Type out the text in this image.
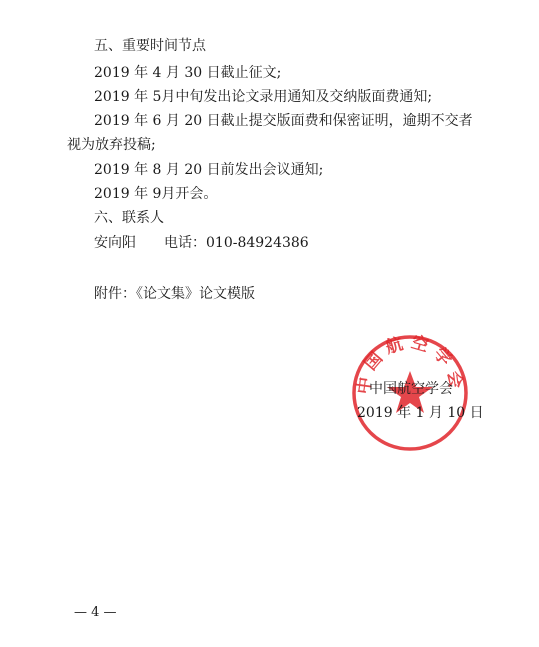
五、重要时间节点
2019 年 4 月 30 日截止征文;
2019 年 5月中旬发出论文录用通知及交纳版面费通知;
2019 年 6 月 20 日截止提交版面费和保密证明，逾期不交者
视为放弃投稿;
2019 年 8 月 20 日前发出会议通知;
2019 年 9月开会。
六、联系人
安向阳 电话：010-84924386
附件：《论文集》论文模版
中国航空学会
中国航空学会
2019 年 1 月 10 日
— 4 —
